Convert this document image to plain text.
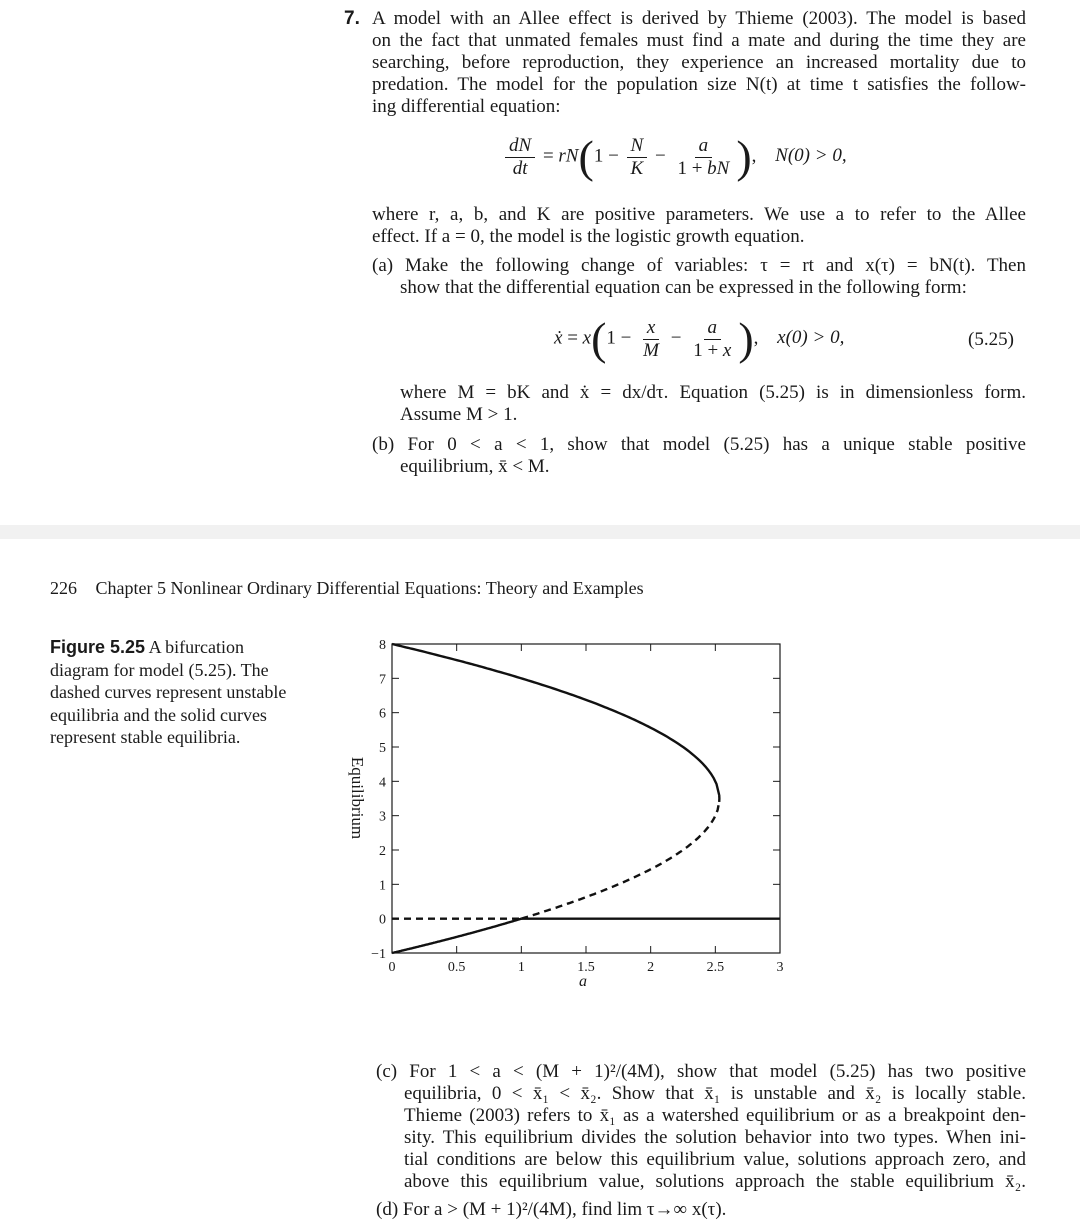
7. A model with an Allee effect is derived by Thieme (2003). The model is based
on the fact that unmated females must find a mate and during the time they are
searching, before reproduction, they experience an increased mortality due to
predation. The model for the population size N(t) at time t satisfies the follow-
ing differential equation:
$\frac{dN}{dt} = rN(1 - \frac{N}{K} - \frac{a}{1 + bN}$ ), N(0) > 0,
where r, a, b, and K are positive parameters. We use a to refer to the Allee
effect. If a = 0, the model is the logistic growth equation.
(a) Make the following change of variables: τ = rt and x(τ) = bN(t). Then
show that the differential equation can be expressed in the following form:
ẋ = $x(1 - \frac{x}{M} - \frac{a}{1 + x}$ ), x(0) > 0,	(5.25)
where M = bK and ẋ = dx/dτ. Equation (5.25) is in dimensionless form.
Assume M > 1.
(b) For 0 < a < 1, show that model (5.25) has a unique stable positive
equilibrium, x̄ < M.
226 Chapter 5 Nonlinear Ordinary Differential Equations: Theory and Examples
Figure 5.25 A bifurcation diagram for model (5.25). The dashed curves represent unstable equilibria and the solid curves represent stable equilibria.
0	0.5	1	1.5	2	2.5	3
−1
0
1
2
3
4
5
6
7
8
Equilibrium
a
(c) For 1 < a < (M + 1)²/(4M), show that model (5.25) has two positive
equilibria, 0 < x̄₁ < x̄₂. Show that x̄₁ is unstable and x̄₂ is locally stable.
Thieme (2003) refers to x̄₁ as a watershed equilibrium or as a breakpoint den-
sity. This equilibrium divides the solution behavior into two types. When ini-
tial conditions are below this equilibrium value, solutions approach zero, and
above this equilibrium value, solutions approach the stable equilibrium x̄₂.
(d) For a > (M + 1)²/(4M), find lim τ→∞ x(τ).
